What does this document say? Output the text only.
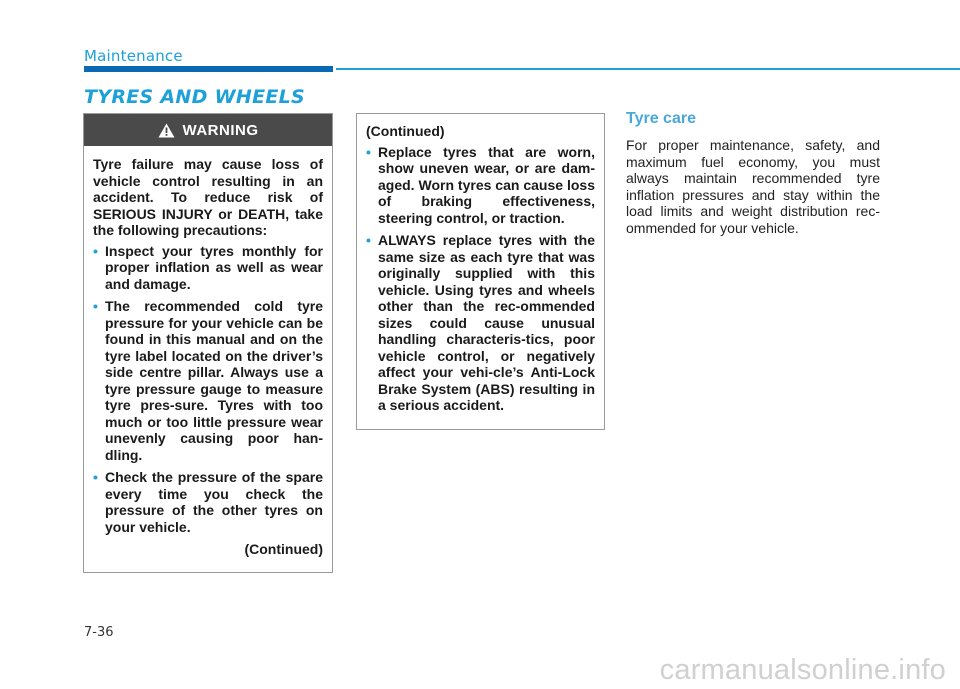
Maintenance
TYRES AND WHEELS
WARNING

Tyre failure may cause loss of vehicle control resulting in an accident. To reduce risk of SERIOUS INJURY or DEATH, take the following precautions:

• Inspect your tyres monthly for proper inflation as well as wear and damage.
• The recommended cold tyre pressure for your vehicle can be found in this manual and on the tyre label located on the driver’s side centre pillar. Always use a tyre pressure gauge to measure tyre pres-sure. Tyres with too much or too little pressure wear unevenly causing poor han-dling.
• Check the pressure of the spare every time you check the pressure of the other tyres on your vehicle.
(Continued)

(Continued)

• Replace tyres that are worn, show uneven wear, or are dam-aged. Worn tyres can cause loss of braking effectiveness, steering control, or traction.
• ALWAYS replace tyres with the same size as each tyre that was originally supplied with this vehicle. Using tyres and wheels other than the rec-ommended sizes could cause unusual handling characteris-tics, poor vehicle control, or negatively affect your vehi-cle’s Anti-Lock Brake System (ABS) resulting in a serious accident.
Tyre care

For proper maintenance, safety, and maximum fuel economy, you must always maintain recommended tyre inflation pressures and stay within the load limits and weight distribution rec-ommended for your vehicle.

7-36
carmanualsonline.info
